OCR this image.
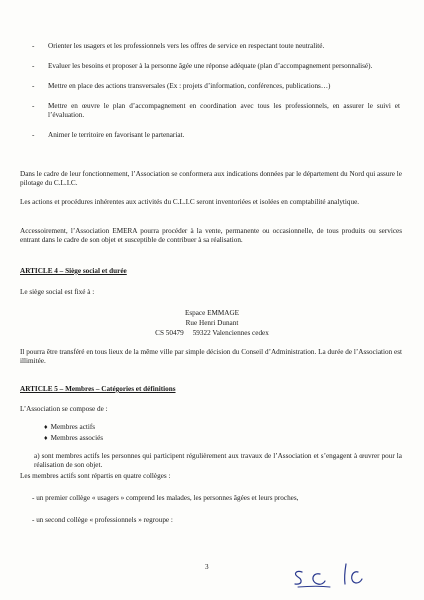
- Orienter les usagers et les professionnels vers les offres de service en respectant toute neutralité.
- Evaluer les besoins et proposer à la personne âgée une réponse adéquate (plan d’accompagnement personnalisé).
- Mettre en place des actions transversales (Ex : projets d’information, conférences, publications…)
- Mettre en œuvre le plan d’accompagnement en coordination avec tous les professionnels, en assurer le suivi et l’évaluation.
- Animer le territoire en favorisant le partenariat.

Dans le cadre de leur fonctionnement, l’Association se conformera aux indications données par le département du Nord qui assure le pilotage du C.L.I.C.

Les actions et procédures inhérentes aux activités du C.L.I.C seront inventoriées et isolées en comptabilité analytique.

Accessoirement, l’Association EMERA pourra procéder à la vente, permanente ou occasionnelle, de tous produits ou services entrant dans le cadre de son objet et susceptible de contribuer à sa réalisation.

ARTICLE 4 – Siège social et durée

Le siège social est fixé à :

Espace EMMAGE

Rue Henri Dunant

CS 50479     59322 Valenciennes cedex

Il pourra être transféré en tous lieux de la même ville par simple décision du Conseil d’Administration. La durée de l’Association est illimitée.

ARTICLE 5 – Membres – Catégories et définitions

L’Association se compose de :

♦ Membres actifs
♦ Membres associés

a) sont membres actifs les personnes qui participent régulièrement aux travaux de l’Association et s’engagent à œuvrer pour la réalisation de son objet.

Les membres actifs sont répartis en quatre collèges :

- un premier collège « usagers » comprend les malades, les personnes âgées et leurs proches,

- un second collège « professionnels » regroupe :

3
